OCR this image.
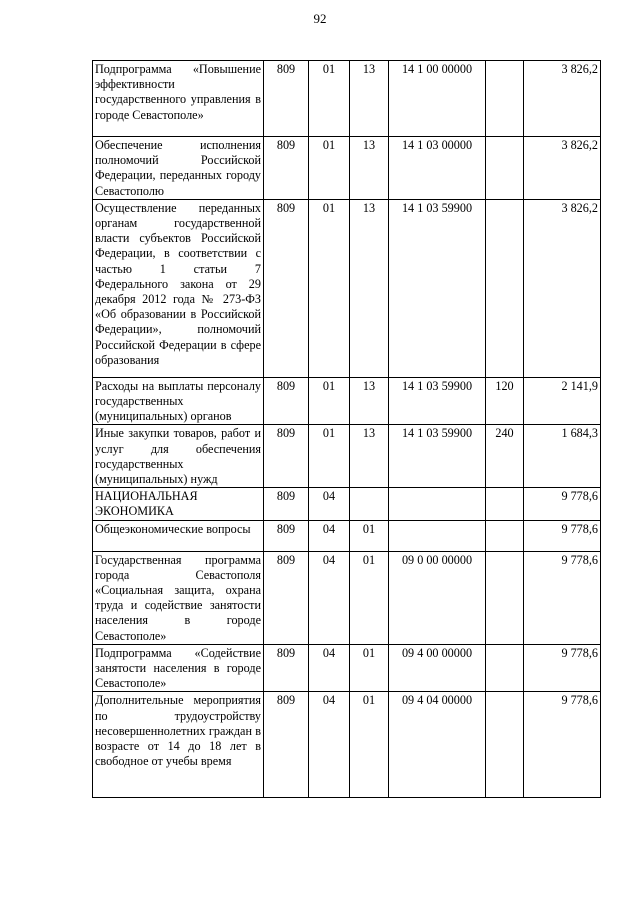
92
Подпрограмма «Повышение эффективности государственного управления в городе Севастополе»	809	01	13	14 1 00 00000		3 826,2
Обеспечение исполнения полномочий Российской Федерации, переданных городу Севастополю	809	01	13	14 1 03 00000		3 826,2
Осуществление переданных органам государственной власти субъектов Российской Федерации, в соответствии с частью 1 статьи 7 Федерального закона от 29 декабря 2012 года № 273-ФЗ «Об образовании в Российской Федерации», полномочий Российской Федерации в сфере образования	809	01	13	14 1 03 59900		3 826,2
Расходы на выплаты персоналу государственных (муниципальных) органов	809	01	13	14 1 03 59900	120	2 141,9
Иные закупки товаров, работ и услуг для обеспечения государственных (муниципальных) нужд	809	01	13	14 1 03 59900	240	1 684,3
НАЦИОНАЛЬНАЯ ЭКОНОМИКА	809	04				9 778,6
Общеэкономические вопросы	809	04	01			9 778,6
Государственная программа города Севастополя «Социальная защита, охрана труда и содействие занятости населения в городе Севастополе»	809	04	01	09 0 00 00000		9 778,6
Подпрограмма «Содействие занятости населения в городе Севастополе»	809	04	01	09 4 00 00000		9 778,6
Дополнительные мероприятия по трудоустройству несовершеннолетних граждан в возрасте от 14 до 18 лет в свободное от учебы время	809	04	01	09 4 04 00000		9 778,6
